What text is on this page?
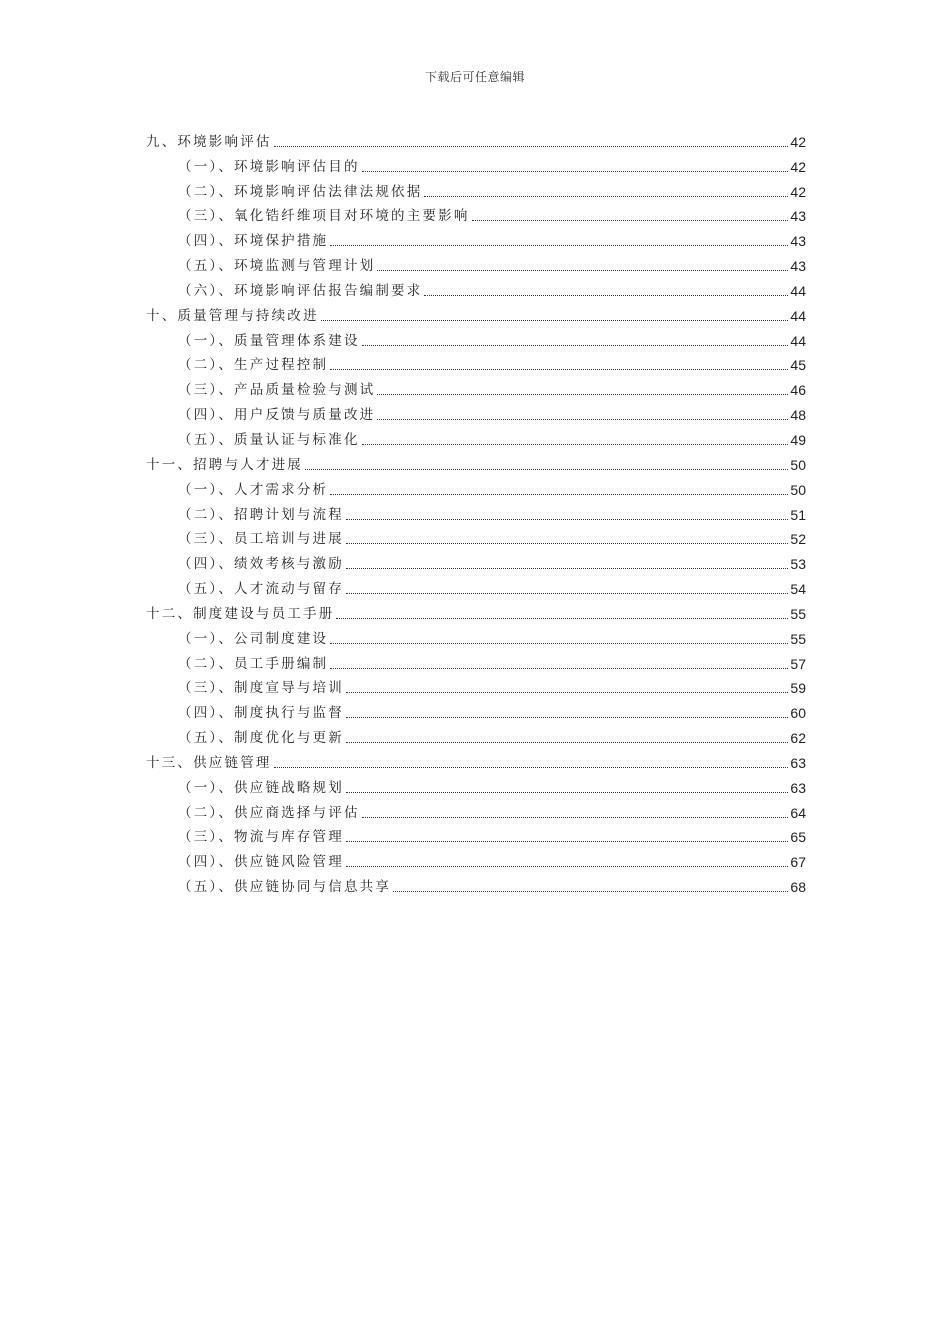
下载后可任意编辑
九、环境影响评估	42
（一）、环境影响评估目的	42
（二）、环境影响评估法律法规依据	42
（三）、氧化锆纤维项目对环境的主要影响	43
（四）、环境保护措施	43
（五）、环境监测与管理计划	43
（六）、环境影响评估报告编制要求	44
十、质量管理与持续改进	44
（一）、质量管理体系建设	44
（二）、生产过程控制	45
（三）、产品质量检验与测试	46
（四）、用户反馈与质量改进	48
（五）、质量认证与标准化	49
十一、招聘与人才进展	50
（一）、人才需求分析	50
（二）、招聘计划与流程	51
（三）、员工培训与进展	52
（四）、绩效考核与激励	53
（五）、人才流动与留存	54
十二、制度建设与员工手册	55
（一）、公司制度建设	55
（二）、员工手册编制	57
（三）、制度宣导与培训	59
（四）、制度执行与监督	60
（五）、制度优化与更新	62
十三、供应链管理	63
（一）、供应链战略规划	63
（二）、供应商选择与评估	64
（三）、物流与库存管理	65
（四）、供应链风险管理	67
（五）、供应链协同与信息共享	68
